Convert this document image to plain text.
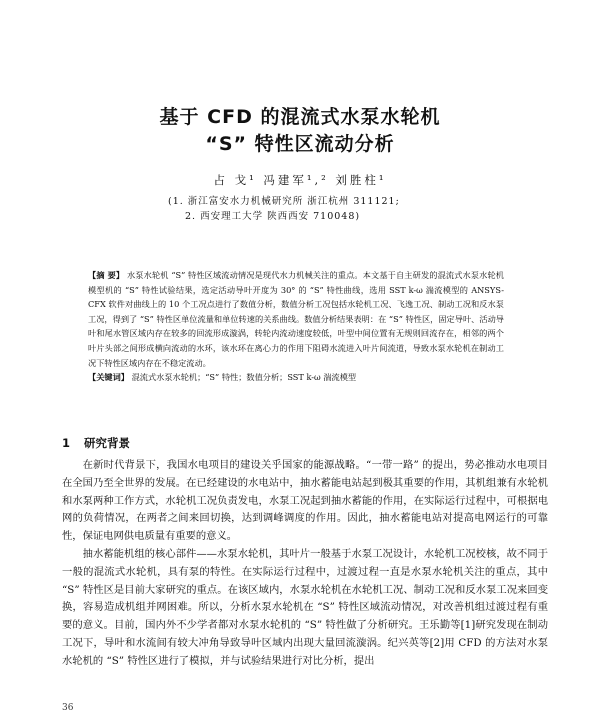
基于 CFD 的混流式水泵水轮机
“S” 特性区流动分析
占 戈¹ 冯建军¹,² 刘胜柱¹
(1. 浙江富安水力机械研究所 浙江杭州 311121;
2. 西安理工大学 陕西西安 710048)
【摘 要】 水泵水轮机 “S” 特性区域流动情况是现代水力机械关注的重点。本文基于自主研发的混流式水泵水轮机模型机的 “S” 特性试验结果，选定活动导叶开度为 30° 的 “S” 特性曲线，选用 SST k-ω 湍流模型的 ANSYS-CFX 软件对曲线上的 10 个工况点进行了数值分析，数值分析工况包括水轮机工况、飞逸工况、制动工况和反水泵工况，得到了 “S” 特性区单位流量和单位转速的关系曲线。数值分析结果表明：在 “S” 特性区，固定导叶、活动导叶和尾水管区域内存在较多的回流形成漩涡，转轮内流动速度较低，叶型中间位置有无规则回流存在，相邻的两个叶片头部之间形成横向流动的水环，该水环在离心力的作用下阻碍水流进入叶片间流道，导致水泵水轮机在制动工况下特性区域内存在不稳定流动。
【关键词】 混流式水泵水轮机；“S” 特性；数值分析；SST k-ω 湍流模型
1 研究背景

在新时代背景下，我国水电项目的建设关乎国家的能源战略。“一带一路” 的提出，势必推动水电项目在全国乃至全世界的发展。在已经建设的水电站中，抽水蓄能电站起到极其重要的作用，其机组兼有水轮机和水泵两种工作方式，水轮机工况负责发电，水泵工况起到抽水蓄能的作用，在实际运行过程中，可根据电网的负荷情况，在两者之间来回切换，达到调峰调度的作用。因此，抽水蓄能电站对提高电网运行的可靠性，保证电网供电质量有重要的意义。

抽水蓄能机组的核心部件——水泵水轮机，其叶片一般基于水泵工况设计，水轮机工况校核，故不同于一般的混流式水轮机，具有泵的特性。在实际运行过程中，过渡过程一直是水泵水轮机关注的重点，其中 “S” 特性区是目前大家研究的重点。在该区域内，水泵水轮机在水轮机工况、制动工况和反水泵工况来回变换，容易造成机组并网困难。所以，分析水泵水轮机在 “S” 特性区域流动情况，对改善机组过渡过程有重要的意义。目前，国内外不少学者都对水泵水轮机的 “S” 特性做了分析研究。王乐勤等[1]研究发现在制动工况下，导叶和水流间有较大冲角导致导叶区域内出现大量回流漩涡。纪兴英等[2]用 CFD 的方法对水泵水轮机的 “S” 特性区进行了模拟，并与试验结果进行对比分析，提出

36
